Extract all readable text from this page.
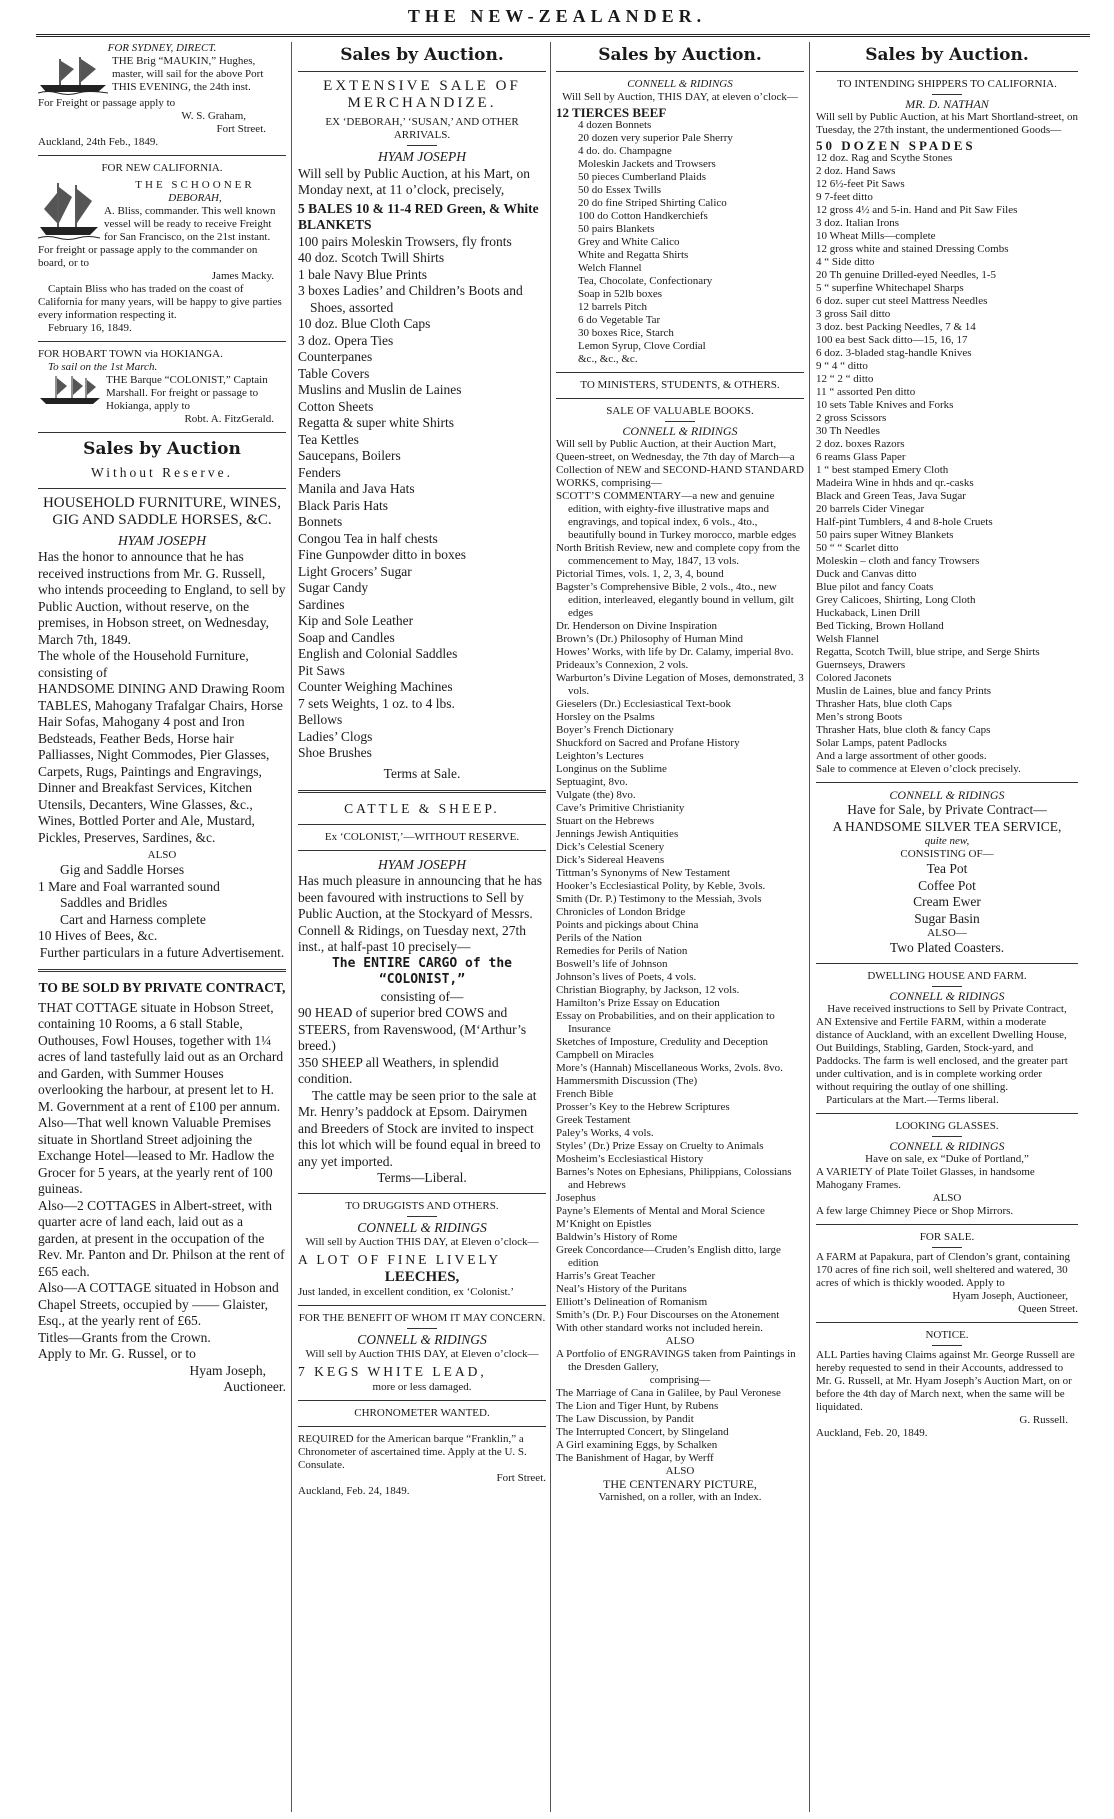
THE NEW-ZEALANDER.
FOR SYDNEY, DIRECT.
THE Brig “MAUKIN,” Hughes, master, will sail for the above Port THIS EVENING, the 24th inst.
For Freight or passage apply to
W. S. Graham,
Fort Street.
Auckland, 24th Feb., 1849.
FOR NEW CALIFORNIA.
THE SCHOONER
DEBORAH,
A. Bliss, commander. This well known vessel will be ready to receive Freight for San Francisco, on the 21st instant. For freight or passage apply to the commander on board, or to
James Macky.
Captain Bliss who has traded on the coast of California for many years, will be happy to give parties every information respecting it.
February 16, 1849.
FOR HOBART TOWN via HOKIANGA.
To sail on the 1st March.
THE Barque “COLONIST,” Captain Marshall. For freight or passage to Hokianga, apply to
Robt. A. FitzGerald.
Sales by Auction
Without Reserve.
HOUSEHOLD FURNITURE, WINES, GIG AND SADDLE HORSES, &C.
HYAM JOSEPH
Has the honor to announce that he has received instructions from Mr. G. Russell, who intends proceeding to England, to sell by Public Auction, without reserve, on the premises, in Hobson street, on Wednesday, March 7th, 1849.
The whole of the Household Furniture, consisting of
HANDSOME DINING AND Drawing Room TABLES, Mahogany Trafalgar Chairs, Horse Hair Sofas, Mahogany 4 post and Iron Bedsteads, Feather Beds, Horse hair Palliasses, Night Commodes, Pier Glasses, Carpets, Rugs, Paintings and Engravings, Dinner and Breakfast Services, Kitchen Utensils, Decanters, Wine Glasses, &c., Wines, Bottled Porter and Ale, Mustard, Pickles, Preserves, Sardines, &c.
ALSO
Gig and Saddle Horses
1 Mare and Foal warranted sound
Saddles and Bridles
Cart and Harness complete
10 Hives of Bees, &c.
Further particulars in a future Advertisement.
TO BE SOLD BY PRIVATE CONTRACT,
THAT COTTAGE situate in Hobson Street, containing 10 Rooms, a 6 stall Stable, Outhouses, Fowl Houses, together with 1¼ acres of land tastefully laid out as an Orchard and Garden, with Summer Houses overlooking the harbour, at present let to H. M. Government at a rent of £100 per annum.
Also—That well known Valuable Premises situate in Shortland Street adjoining the Exchange Hotel—leased to Mr. Hadlow the Grocer for 5 years, at the yearly rent of 100 guineas.
Also—2 COTTAGES in Albert-street, with quarter acre of land each, laid out as a garden, at present in the occupation of the Rev. Mr. Panton and Dr. Philson at the rent of £65 each.
Also—A COTTAGE situated in Hobson and Chapel Streets, occupied by —— Glaister, Esq., at the yearly rent of £65.
Titles—Grants from the Crown.
Apply to Mr. G. Russel, or to
Hyam Joseph,
Auctioneer.
Sales by Auction.
EXTENSIVE SALE OF MERCHANDIZE.
EX ‘DEBORAH,’ ‘SUSAN,’ AND OTHER ARRIVALS.
HYAM JOSEPH
Will sell by Public Auction, at his Mart, on Monday next, at 11 o’clock, precisely,
5 BALES 10 & 11-4 RED Green, & White BLANKETS
100 pairs Moleskin Trowsers, fly fronts
40 doz. Scotch Twill Shirts
1 bale Navy Blue Prints
3 boxes Ladies’ and Children’s Boots and Shoes, assorted
10 doz. Blue Cloth Caps
3 doz. Opera Ties
Counterpanes
Table Covers
Muslins and Muslin de Laines
Cotton Sheets
Regatta & super white Shirts
Tea Kettles
Saucepans, Boilers
Fenders
Manila and Java Hats
Black Paris Hats
Bonnets
Congou Tea in half chests
Fine Gunpowder ditto in boxes
Light Grocers’ Sugar
Sugar Candy
Sardines
Kip and Sole Leather
Soap and Candles
English and Colonial Saddles
Pit Saws
Counter Weighing Machines
7 sets Weights, 1 oz. to 4 lbs.
Bellows
Ladies’ Clogs
Shoe Brushes
Terms at Sale.
CATTLE & SHEEP.
Ex ‘COLONIST,’—WITHOUT RESERVE.
HYAM JOSEPH
Has much pleasure in announcing that he has been favoured with instructions to Sell by Public Auction, at the Stockyard of Messrs. Connell & Ridings, on Tuesday next, 27th inst., at half-past 10 precisely—
The ENTIRE CARGO of the “COLONIST,”
consisting of—
90 HEAD of superior bred COWS and STEERS, from Ravenswood, (M‘Arthur’s breed.)
350 SHEEP all Weathers, in splendid condition.
The cattle may be seen prior to the sale at Mr. Henry’s paddock at Epsom. Dairymen and Breeders of Stock are invited to inspect this lot which will be found equal in breed to any yet imported.
Terms—Liberal.
TO DRUGGISTS AND OTHERS.
CONNELL & RIDINGS
Will sell by Auction THIS DAY, at Eleven o’clock—
A LOT OF FINE LIVELY
LEECHES,
Just landed, in excellent condition, ex ‘Colonist.’
FOR THE BENEFIT OF WHOM IT MAY CONCERN.
CONNELL & RIDINGS
Will sell by Auction THIS DAY, at Eleven o’clock—
7 KEGS WHITE LEAD,
more or less damaged.
CHRONOMETER WANTED.
REQUIRED for the American barque “Franklin,” a Chronometer of ascertained time. Apply at the U. S. Consulate.
Fort Street.
Auckland, Feb. 24, 1849.
Sales by Auction.
CONNELL & RIDINGS
Will Sell by Auction, THIS DAY, at eleven o’clock—
12 TIERCES BEEF
4 dozen Bonnets
20 dozen very superior Pale Sherry
4 do. do. Champagne
Moleskin Jackets and Trowsers
50 pieces Cumberland Plaids
50 do Essex Twills
20 do fine Striped Shirting Calico
100 do Cotton Handkerchiefs
50 pairs Blankets
Grey and White Calico
White and Regatta Shirts
Welch Flannel
Tea, Chocolate, Confectionary
Soap in 52lb boxes
12 barrels Pitch
6 do Vegetable Tar
30 boxes Rice, Starch
Lemon Syrup, Clove Cordial
&c., &c., &c.
TO MINISTERS, STUDENTS, & OTHERS.
SALE OF VALUABLE BOOKS.
CONNELL & RIDINGS
Will sell by Public Auction, at their Auction Mart, Queen-street, on Wednesday, the 7th day of March—a Collection of NEW and SECOND-HAND STANDARD WORKS, comprising—
SCOTT’S COMMENTARY—a new and genuine edition, with eighty-five illustrative maps and engravings, and topical index, 6 vols., 4to., beautifully bound in Turkey morocco, marble edges
North British Review, new and complete copy from the commencement to May, 1847, 13 vols.
Pictorial Times, vols. 1, 2, 3, 4, bound
Bagster’s Comprehensive Bible, 2 vols., 4to., new edition, interleaved, elegantly bound in vellum, gilt edges
Dr. Henderson on Divine Inspiration
Brown’s (Dr.) Philosophy of Human Mind
Howes’ Works, with life by Dr. Calamy, imperial 8vo.
Prideaux’s Connexion, 2 vols.
Warburton’s Divine Legation of Moses, demonstrated, 3 vols.
Gieselers (Dr.) Ecclesiastical Text-book
Horsley on the Psalms
Boyer’s French Dictionary
Shuckford on Sacred and Profane History
Leighton’s Lectures
Longinus on the Sublime
Septuagint, 8vo.
Vulgate (the) 8vo.
Cave’s Primitive Christianity
Stuart on the Hebrews
Jennings Jewish Antiquities
Dick’s Celestial Scenery
Dick’s Sidereal Heavens
Tittman’s Synonyms of New Testament
Hooker’s Ecclesiastical Polity, by Keble, 3vols.
Smith (Dr. P.) Testimony to the Messiah, 3vols
Chronicles of London Bridge
Points and pickings about China
Perils of the Nation
Remedies for Perils of Nation
Boswell’s life of Johnson
Johnson’s lives of Poets, 4 vols.
Christian Biography, by Jackson, 12 vols.
Hamilton’s Prize Essay on Education
Essay on Probabilities, and on their application to Insurance
Sketches of Imposture, Credulity and Deception
Campbell on Miracles
More’s (Hannah) Miscellaneous Works, 2vols. 8vo.
Hammersmith Discussion (The)
French Bible
Prosser’s Key to the Hebrew Scriptures
Greek Testament
Paley’s Works, 4 vols.
Styles’ (Dr.) Prize Essay on Cruelty to Animals
Mosheim’s Ecclesiastical History
Barnes’s Notes on Ephesians, Philippians, Colossians and Hebrews
Josephus
Payne’s Elements of Mental and Moral Science
M‘Knight on Epistles
Baldwin’s History of Rome
Greek Concordance—Cruden’s English ditto, large edition
Harris’s Great Teacher
Neal’s History of the Puritans
Elliott’s Delineation of Romanism
Smith’s (Dr. P.) Four Discourses on the Atonement
With other standard works not included herein.
ALSO
A Portfolio of ENGRAVINGS taken from Paintings in the Dresden Gallery,
comprising—
The Marriage of Cana in Galilee, by Paul Veronese
The Lion and Tiger Hunt, by Rubens
The Law Discussion, by Pandit
The Interrupted Concert, by Slingeland
A Girl examining Eggs, by Schalken
The Banishment of Hagar, by Werff
ALSO
THE CENTENARY PICTURE,
Varnished, on a roller, with an Index.
Sales by Auction.
TO INTENDING SHIPPERS TO CALIFORNIA.
MR. D. NATHAN
Will sell by Public Auction, at his Mart Shortland-street, on Tuesday, the 27th instant, the undermentioned Goods—
50 DOZEN SPADES
12 doz. Rag and Scythe Stones
2 doz. Hand Saws
12 6½-feet Pit Saws
9 7-feet ditto
12 gross 4½ and 5-in. Hand and Pit Saw Files
3 doz. Italian Irons
10 Wheat Mills—complete
12 gross white and stained Dressing Combs
4 “ Side ditto
20 Th genuine Drilled-eyed Needles, 1-5
5 “ superfine Whitechapel Sharps
6 doz. super cut steel Mattress Needles
3 gross Sail ditto
3 doz. best Packing Needles, 7 & 14
100 ea best Sack ditto—15, 16, 17
6 doz. 3-bladed stag-handle Knives
9 “ 4 “ ditto
12 “ 2 “ ditto
11 “ assorted Pen ditto
10 sets Table Knives and Forks
2 gross Scissors
30 Th Needles
2 doz. boxes Razors
6 reams Glass Paper
1 “ best stamped Emery Cloth
Madeira Wine in hhds and qr.-casks
Black and Green Teas, Java Sugar
20 barrels Cider Vinegar
Half-pint Tumblers, 4 and 8-hole Cruets
50 pairs super Witney Blankets
50 “ “ Scarlet ditto
Moleskin – cloth and fancy Trowsers
Duck and Canvas ditto
Blue pilot and fancy Coats
Grey Calicoes, Shirting, Long Cloth
Huckaback, Linen Drill
Bed Ticking, Brown Holland
Welsh Flannel
Regatta, Scotch Twill, blue stripe, and Serge Shirts
Guernseys, Drawers
Colored Jaconets
Muslin de Laines, blue and fancy Prints
Thrasher Hats, blue cloth Caps
Men’s strong Boots
Thrasher Hats, blue cloth & fancy Caps
Solar Lamps, patent Padlocks
And a large assortment of other goods.
Sale to commence at Eleven o’clock precisely.
CONNELL & RIDINGS
Have for Sale, by Private Contract—
A HANDSOME SILVER TEA SERVICE,
quite new,
CONSISTING OF—
Tea Pot
Coffee Pot
Cream Ewer
Sugar Basin
ALSO—
Two Plated Coasters.
DWELLING HOUSE AND FARM.
CONNELL & RIDINGS
Have received instructions to Sell by Private Contract,
AN Extensive and Fertile FARM, within a moderate distance of Auckland, with an excellent Dwelling House, Out Buildings, Stabling, Garden, Stock-yard, and Paddocks. The farm is well enclosed, and the greater part under cultivation, and is in complete working order without requiring the outlay of one shilling.
Particulars at the Mart.—Terms liberal.
LOOKING GLASSES.
CONNELL & RIDINGS
Have on sale, ex “Duke of Portland,”
A VARIETY of Plate Toilet Glasses, in handsome Mahogany Frames.
ALSO
A few large Chimney Piece or Shop Mirrors.
FOR SALE.
A FARM at Papakura, part of Clendon’s grant, containing 170 acres of fine rich soil, well sheltered and watered, 30 acres of which is thickly wooded. Apply to
Hyam Joseph, Auctioneer,
Queen Street.
NOTICE.
ALL Parties having Claims against Mr. George Russell are hereby requested to send in their Accounts, addressed to Mr. G. Russell, at Mr. Hyam Joseph’s Auction Mart, on or before the 4th day of March next, when the same will be liquidated.
G. Russell.
Auckland, Feb. 20, 1849.
